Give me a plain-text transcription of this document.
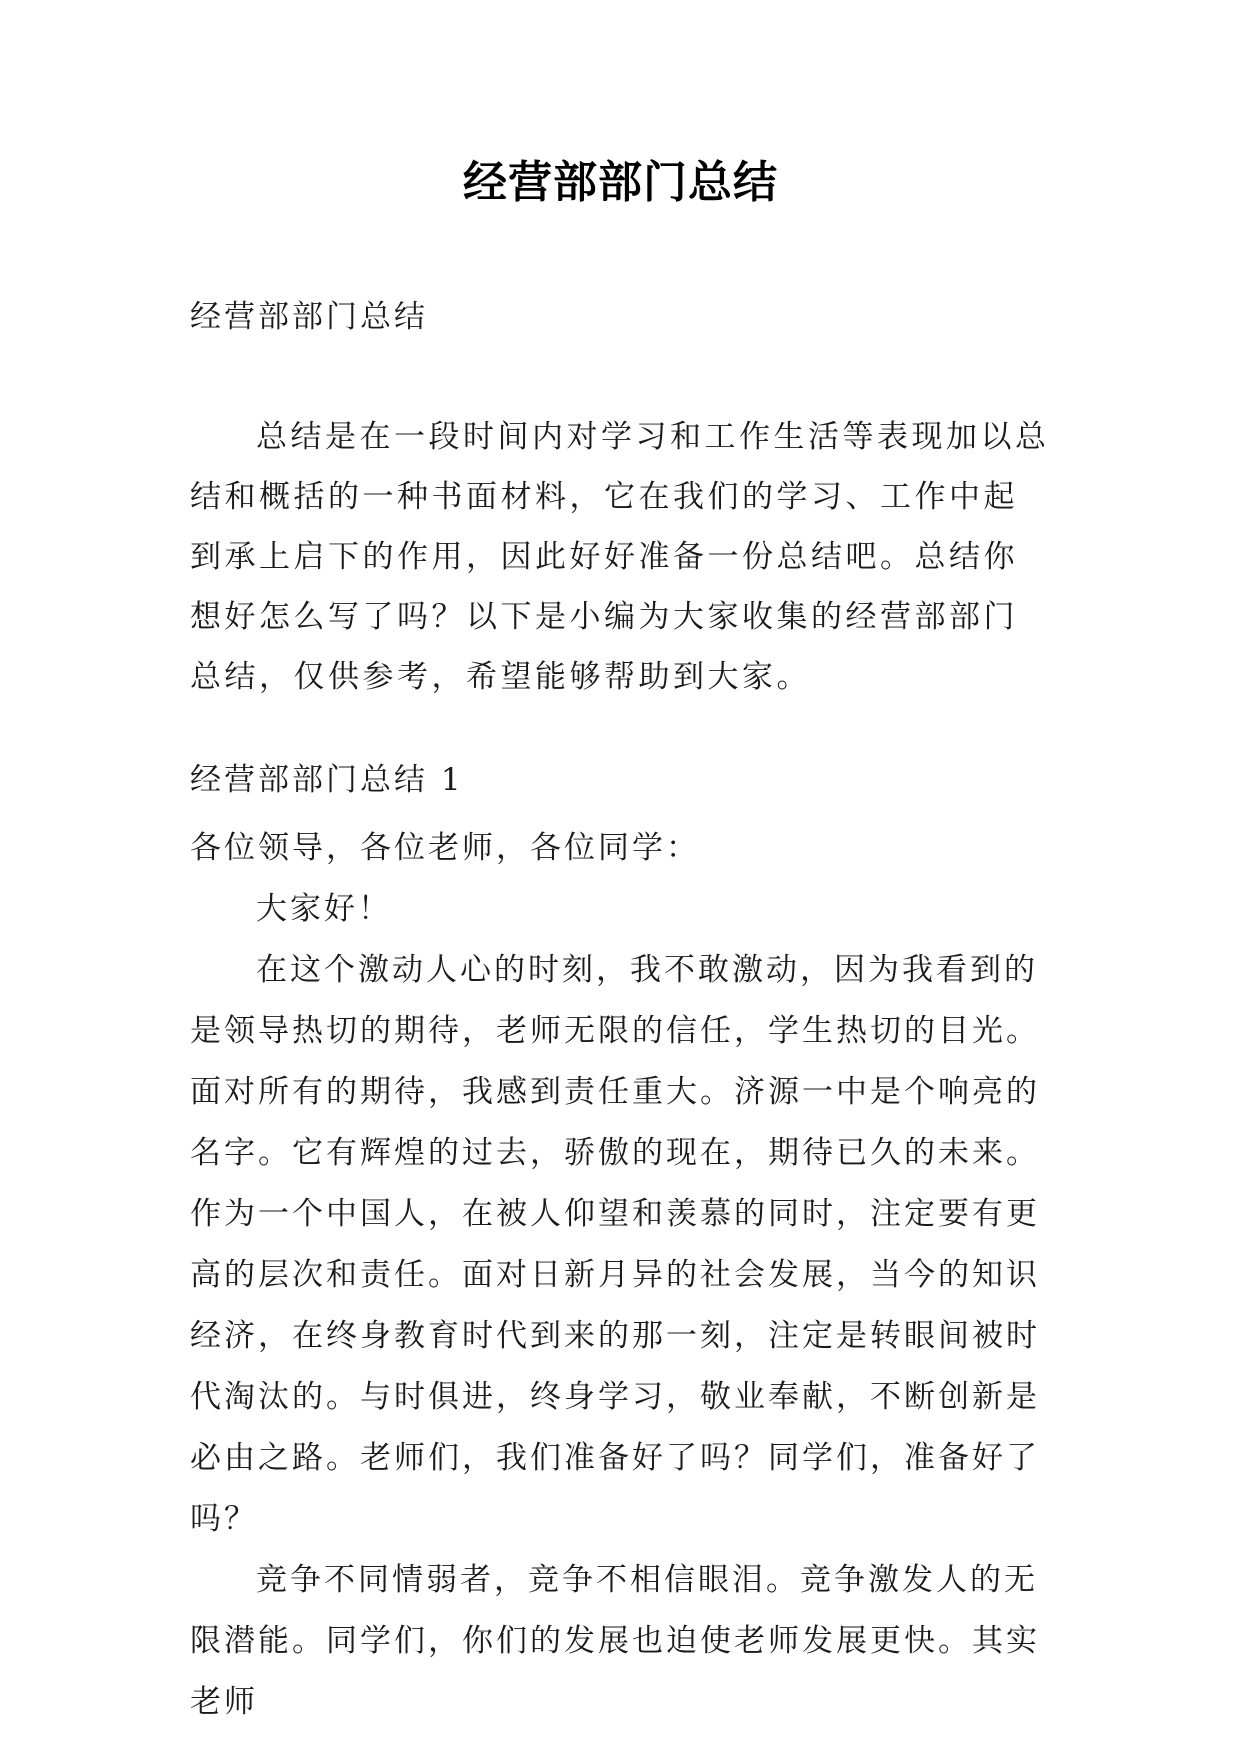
经营部部门总结

经营部部门总结

总结是在一段时间内对学习和工作生活等表现加以总结和概括的一种书面材料，它在我们的学习、工作中起到承上启下的作用，因此好好准备一份总结吧。总结你想好怎么写了吗？以下是小编为大家收集的经营部部门总结，仅供参考，希望能够帮助到大家。

经营部部门总结 1

各位领导，各位老师，各位同学：

大家好！

在这个激动人心的时刻，我不敢激动，因为我看到的是领导热切的期待，老师无限的信任，学生热切的目光。面对所有的期待，我感到责任重大。济源一中是个响亮的名字。它有辉煌的过去，骄傲的现在，期待已久的未来。作为一个中国人，在被人仰望和羡慕的同时，注定要有更高的层次和责任。面对日新月异的社会发展，当今的知识经济，在终身教育时代到来的那一刻，注定是转眼间被时代淘汰的。与时俱进，终身学习，敬业奉献，不断创新是必由之路。老师们，我们准备好了吗？同学们，准备好了吗？

竞争不同情弱者，竞争不相信眼泪。竞争激发人的无限潜能。同学们，你们的发展也迫使老师发展更快。其实老师
